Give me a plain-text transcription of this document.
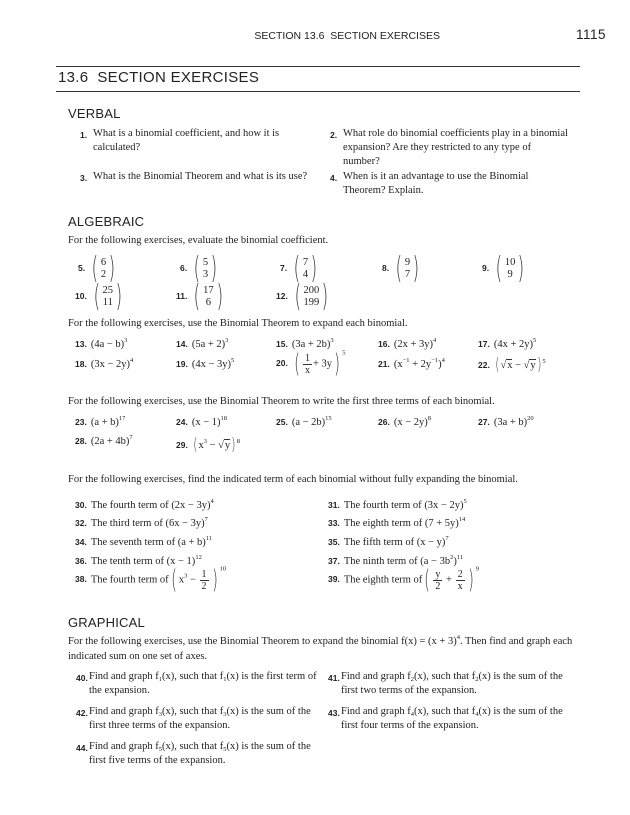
SECTION 13.6 SECTION EXERCISES	1115
13.6  SECTION EXERCISES
VERBAL
1. What is a binomial coefficient, and how it is calculated?
2. What role do binomial coefficients play in a binomial expansion? Are they restricted to any type of number?
3. What is the Binomial Theorem and what is its use?	4. When is it an advantage to use the Binomial Theorem? Explain.
ALGEBRAIC
For the following exercises, evaluate the binomial coefficient.
5. ( 6
2 )	6. ( 5
3 )	7. ( 7
4 )	8. ( 9
7 )	9. ( 10
9 )
10. ( 25
11 )	11. ( 17
6 )	12. ( 200
199 )
For the following exercises, use the Binomial Theorem to expand each binomial.
13. $(4a - b)^3$	14. $(5a + 2)^3$	15. $(3a + 2b)^3$	16. $(2x + 3y)^4$	17. $(4x + 2y)^5$
18. $(3x - 2y)^4$	19. $(4x - 3y)^5$	20. ( $\frac{1}{x} + 3y$) $^5$
21. $(x^{-1} + 2y^{-1})^4$	22. $(√x - √y)^5$
For the following exercises, use the Binomial Theorem to write the first three terms of each binomial.
23. $(a + b)^{17}$	24. $(x - 1)^{18}$	25. $(a - 2b)^{15}$	26. $(x - 2y)^8$	27. $(3a + b)^{20}$
28. $(2a + 4b)^7$
29. $(x^3 - √y)^8$
For the following exercises, find the indicated term of each binomial without fully expanding the binomial.
30. The fourth term of $(2x - 3y)^4$	31. The fourth term of $(3x - 2y)^5$
32. The third term of $(6x - 3y)^7$	33. The eighth term of $(7 + 5y)^{14}$
34. The seventh term of $(a + b)^{11}$	35. The fifth term of $(x - y)^7$
36. The tenth term of $(x - 1)^{12}$	37. The ninth term of $(a - 3b^2)^{11}$
38. The fourth term of( $x^3 - \frac{1}{2}$ ) $^{10}$
39. The eighth term $of( \frac{y}{2} + \frac{2}{x}$ ) $^9$
GRAPHICAL
For the following exercises, use the Binomial Theorem to expand the binomial $f(x) = (x + 3)^4$. Then find and graph each indicated sum on one set of axes.
40. Find and graph $f_1(x)$, such that $f_1(x)$ is the first term of the expansion.
41. Find and graph $f_2(x)$, such that $f_2(x)$ is the sum of the first two terms of the expansion.
42. Find and graph $f_3(x)$, such that $f_3(x)$ is the sum of the first three terms of the expansion.
43. Find and graph $f_4(x)$, such that $f_4(x)$ is the sum of the first four terms of the expansion.
44. Find and graph $f_5(x)$, such that $f_5(x)$ is the sum of the first five terms of the expansion.
